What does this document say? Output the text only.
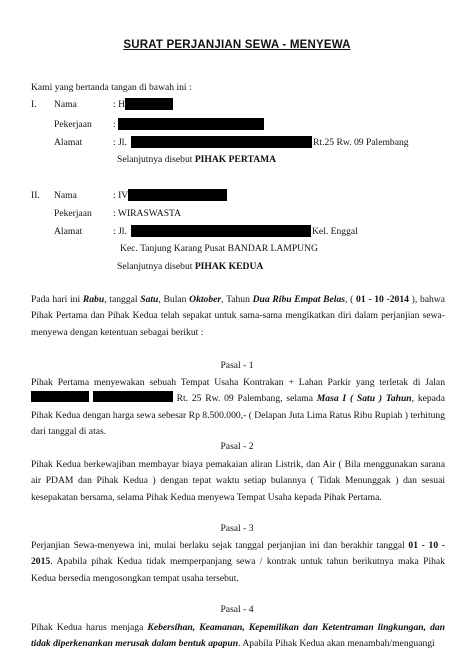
SURAT PERJANJIAN SEWA - MENYEWA
Kami yang bertanda tangan di bawah ini :
I. Nama	: H
Pekerjaan :
Alamat	: Jl.	Rt.25 Rw. 09 Palembang
Selanjutnya disebut PIHAK PERTAMA
II. Nama	: IV
Pekerjaan : WIRASWASTA
Alamat	: Jl.	Kel. Enggal
Kec. Tanjung Karang Pusat BANDAR LAMPUNG
Selanjutnya disebut PIHAK KEDUA
Pada hari ini Rabu, tanggal Satu, Bulan Oktober, Tahun Dua Ribu Empat Belas, ( 01 - 10 -2014 ), bahwa Pihak Pertama dan Pihak Kedua telah sepakat untuk sama-sama mengikatkan diri dalam perjanjian sewa-menyewa dengan ketentuan sebagai berikut :
Pasal - 1
Pihak Pertama menyewakan sebuah Tempat Usaha Kontrakan + Lahan Parkir yang terletak di Jalan   Rt. 25 Rw. 09 Palembang, selama Masa I ( Satu ) Tahun, kepada Pihak Kedua dengan harga sewa sebesar Rp 8.500.000,- ( Delapan Juta Lima Ratus Ribu Rupiah ) terhitung dari tanggal di atas.
Pasal - 2
Pihak Kedua berkewajiban membayar biaya pemakaian aliran Listrik, dan Air ( Bila menggunakan sarana air PDAM dan Pihak Kedua ) dengan tepat waktu setiap bulannya ( Tidak Menunggak ) dan sesuai kesepakatan bersama, selama Pihak Kedua menyewa Tempat Usaha kepada Pihak Pertama.
Pasal - 3
Perjanjian Sewa-menyewa ini, mulai berlaku sejak tanggal perjanjian ini dan berakhir tanggal 01 - 10 - 2015. Apabila pihak Kedua tidak memperpanjang sewa / kontrak untuk tahun berikutnya maka Pihak Kedua bersedia mengosongkan tempat usaha tersebut.
Pasal - 4
Pihak Kedua harus menjaga Kebersihan, Keamanan, Kepemilikan dan Ketentraman lingkungan, dan tidak diperkenankan merusak dalam bentuk apapun. Apabila Pihak Kedua akan menambah/menguangi
